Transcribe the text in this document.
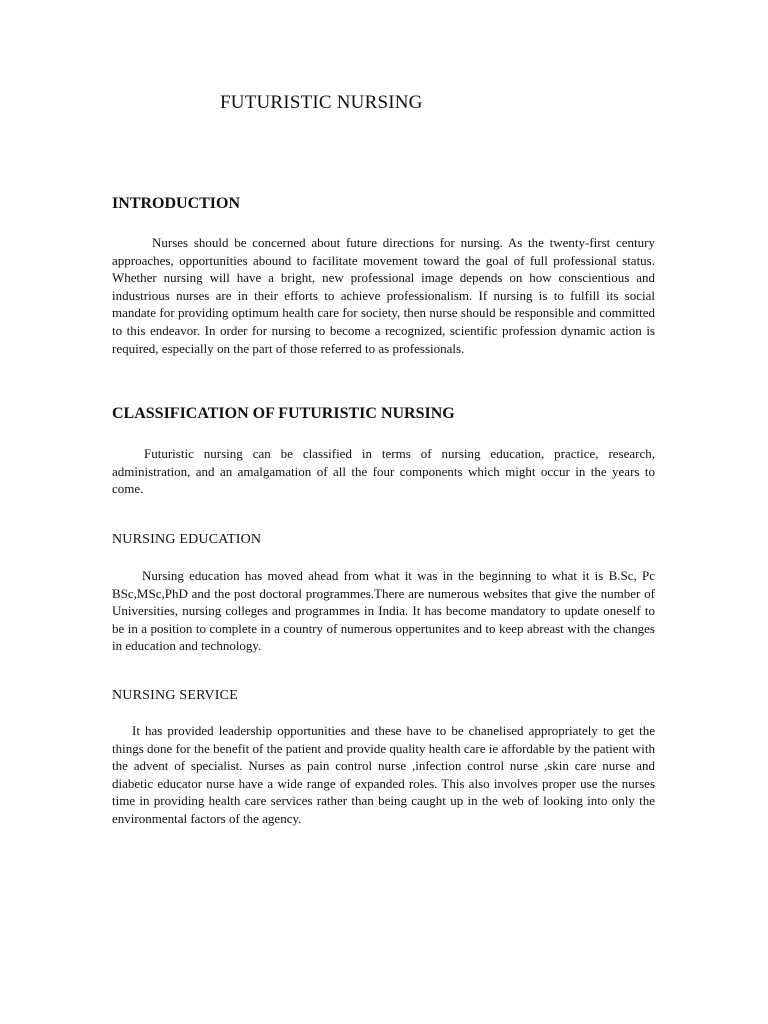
FUTURISTIC NURSING
INTRODUCTION

Nurses should be concerned about future directions for nursing. As the twenty-first century approaches, opportunities abound to facilitate movement toward the goal of full professional status. Whether nursing will have a bright, new professional image depends on how conscientious and industrious nurses are in their efforts to achieve professionalism. If nursing is to fulfill its social mandate for providing optimum health care for society, then nurse should be responsible and committed to this endeavor. In order for nursing to become a recognized, scientific profession dynamic action is required, especially on the part of those referred to as professionals.

CLASSIFICATION OF FUTURISTIC NURSING

Futuristic nursing can be classified in terms of nursing education, practice, research, administration, and an amalgamation of all the four components which might occur in the years to come.

NURSING EDUCATION

Nursing education has moved ahead from what it was in the beginning to what it is B.Sc, Pc BSc,MSc,PhD and the post doctoral programmes.There are numerous websites that give the number of Universities, nursing colleges and programmes in India. It has become mandatory to update oneself to be in a position to complete in a country of numerous oppertunites and to keep abreast with the changes in education and technology.

NURSING SERVICE

It has provided leadership opportunities and these have to be chanelised appropriately to get the things done for the benefit of the patient and provide quality health care ie affordable by the patient with the advent of specialist. Nurses as pain control nurse ,infection control nurse ,skin care nurse and diabetic educator nurse have a wide range of expanded roles. This also involves proper use the nurses time in providing health care services rather than being caught up in the web of looking into only the environmental factors of the agency.
